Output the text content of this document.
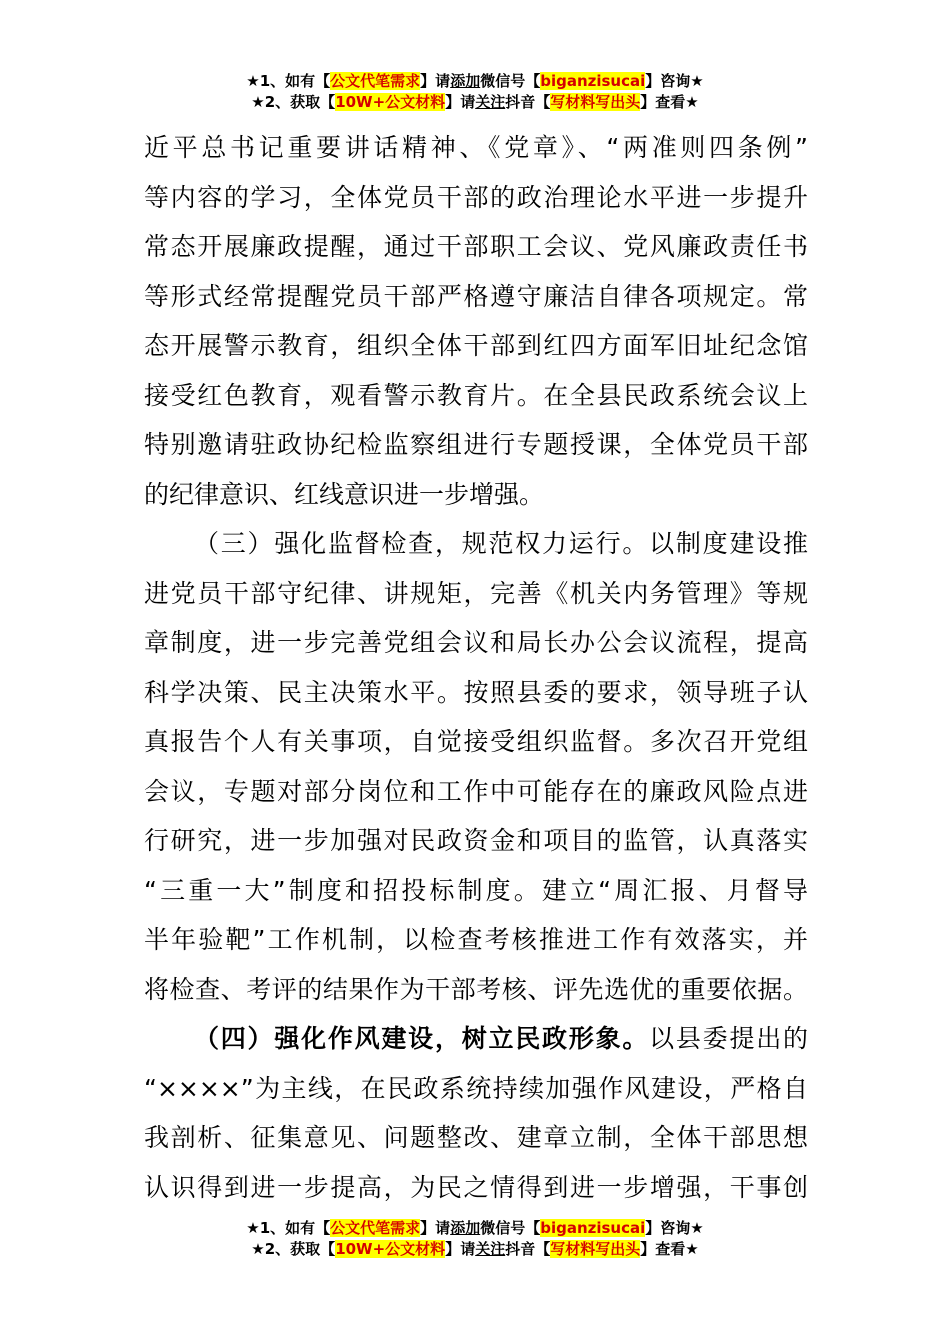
★1、如有【公文代笔需求】请添加微信号【biganzisucai】咨询★
★2、获取【10W+公文材料】请关注抖音【写材料写出头】查看★
近平总书记重要讲话精神、《党章》、“两准则四条例”
等内容的学习，全体党员干部的政治理论水平进一步提升
常态开展廉政提醒，通过干部职工会议、党风廉政责任书
等形式经常提醒党员干部严格遵守廉洁自律各项规定。常
态开展警示教育，组织全体干部到红四方面军旧址纪念馆
接受红色教育，观看警示教育片。在全县民政系统会议上
特别邀请驻政协纪检监察组进行专题授课，全体党员干部
的纪律意识、红线意识进一步增强。
（三）强化监督检查，规范权力运行。以制度建设推
进党员干部守纪律、讲规矩，完善《机关内务管理》等规
章制度，进一步完善党组会议和局长办公会议流程，提高
科学决策、民主决策水平。按照县委的要求，领导班子认
真报告个人有关事项，自觉接受组织监督。多次召开党组
会议，专题对部分岗位和工作中可能存在的廉政风险点进
行研究，进一步加强对民政资金和项目的监管，认真落实
“三重一大”制度和招投标制度。建立“周汇报、月督导
半年验靶”工作机制，以检查考核推进工作有效落实，并
将检查、考评的结果作为干部考核、评先选优的重要依据。
（四）强化作风建设，树立民政形象。以县委提出的
“××××”为主线，在民政系统持续加强作风建设，严格自
我剖析、征集意见、问题整改、建章立制，全体干部思想
认识得到进一步提高，为民之情得到进一步增强，干事创
★1、如有【公文代笔需求】请添加微信号【biganzisucai】咨询★
★2、获取【10W+公文材料】请关注抖音【写材料写出头】查看★
